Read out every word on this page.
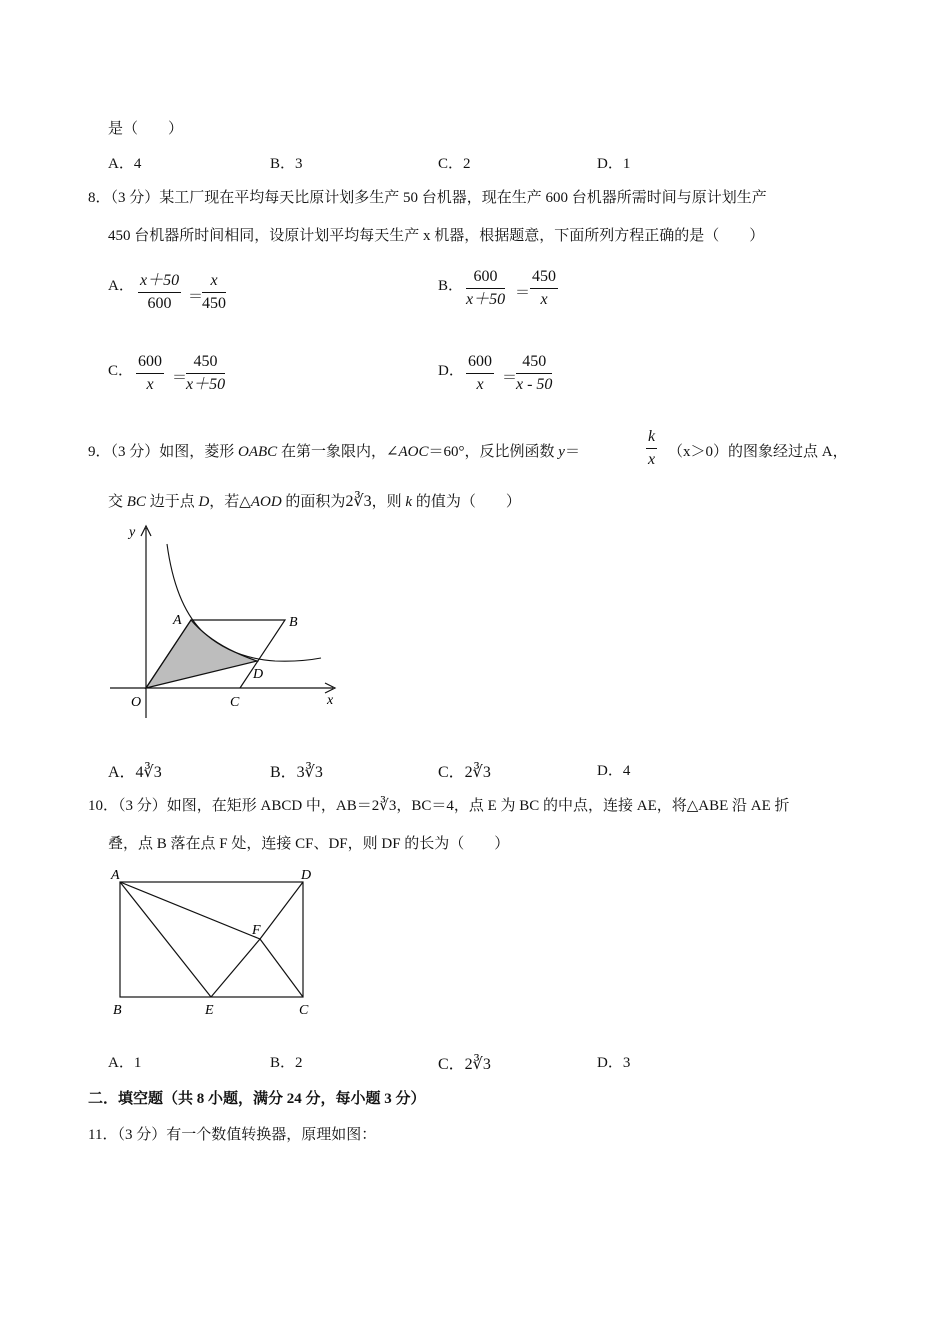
是（　　）
A．4	B．3	C．2	D．1
8．（3 分）某工厂现在平均每天比原计划多生产 50 台机器，现在生产 600 台机器所需时间与原计划生产
450 台机器所时间相同，设原计划平均每天生产 x 机器，根据题意，下面所列方程正确的是（　　）
A． $\frac{x+50}{600}$ ＝
$\frac{x}{450}$	B． $\frac{600}{x+50} = \frac{450}{x}$
C． $\frac{600}{x}$ ＝
$\frac{450}{x+50}$	D． $\frac{600}{x}$ ＝
$\frac{450}{x - 50}$
9．（3 分）如图，菱形 OABC 在第一象限内，∠AOC＝60°，反比例函数 y＝	$\frac{k}{x} (x>0)$的图象经过点 A，
交 BC 边于点 D，若△AOD 的面积为2∛3，则 k 的值为（　　）
y
x
O
A	B
C
D
A．4∛3	B．3∛3	C．2∛3	D．4
10．（3 分）如图，在矩形 ABCD 中，AB＝2∛3，BC＝4，点 E 为 BC 的中点，连接 AE，将△ABE 沿 AE 折
叠，点 B 落在点 F 处，连接 CF、DF，则 DF 的长为（　　）
A	D
F
B	E	C
A．1	B．2	C．2∛3	D．3
二．填空题（共 8 小题，满分 24 分，每小题 3 分）
11．（3 分）有一个数值转换器，原理如图：
